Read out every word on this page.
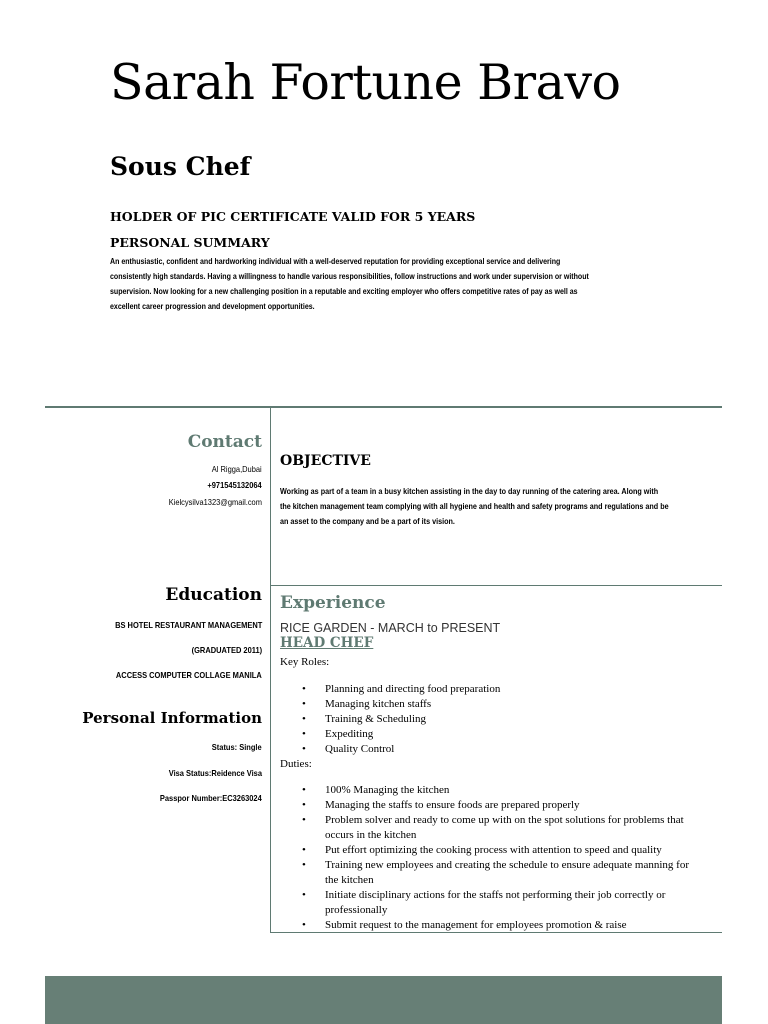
Sarah Fortune Bravo
Sous Chef
HOLDER OF PIC CERTIFICATE VALID FOR 5 YEARS
PERSONAL SUMMARY
An enthusiastic, confident and hardworking individual with a well-deserved reputation for providing exceptional service and delivering
consistently high standards. Having a willingness to handle various responsibilities, follow instructions and work under supervision or without
supervision. Now looking for a new challenging position in a reputable and exciting employer who offers competitive rates of pay as well as
excellent career progression and development opportunities.
Contact
Al Rigga,Dubai
+971545132064
Kielcysilva1323@gmail.com
Education
BS HOTEL RESTAURANT MANAGEMENT
(GRADUATED 2011)
ACCESS COMPUTER COLLAGE MANILA
Personal Information
Status: Single
Visa Status:Reidence Visa
Passpor Number:EC3263024
OBJECTIVE
Working as part of a team in a busy kitchen assisting in the day to day running of the catering area. Along with
the kitchen management team complying with all hygiene and health and safety programs and regulations and be
an asset to the company and be a part of its vision.
Experience
RICE GARDEN - MARCH to PRESENT
HEAD CHEF
Key Roles:
• Planning and directing food preparation
• Managing kitchen staffs
• Training & Scheduling
• Expediting
• Quality Control
Duties:
• 100% Managing the kitchen
• Managing the staffs to ensure foods are prepared properly
• Problem solver and ready to come up with on the spot solutions for problems that
occurs in the kitchen
• Put effort optimizing the cooking process with attention to speed and quality
• Training new employees and creating the schedule to ensure adequate manning for
the kitchen
• Initiate disciplinary actions for the staffs not performing their job correctly or
professionally
• Submit request to the management for employees promotion & raise
